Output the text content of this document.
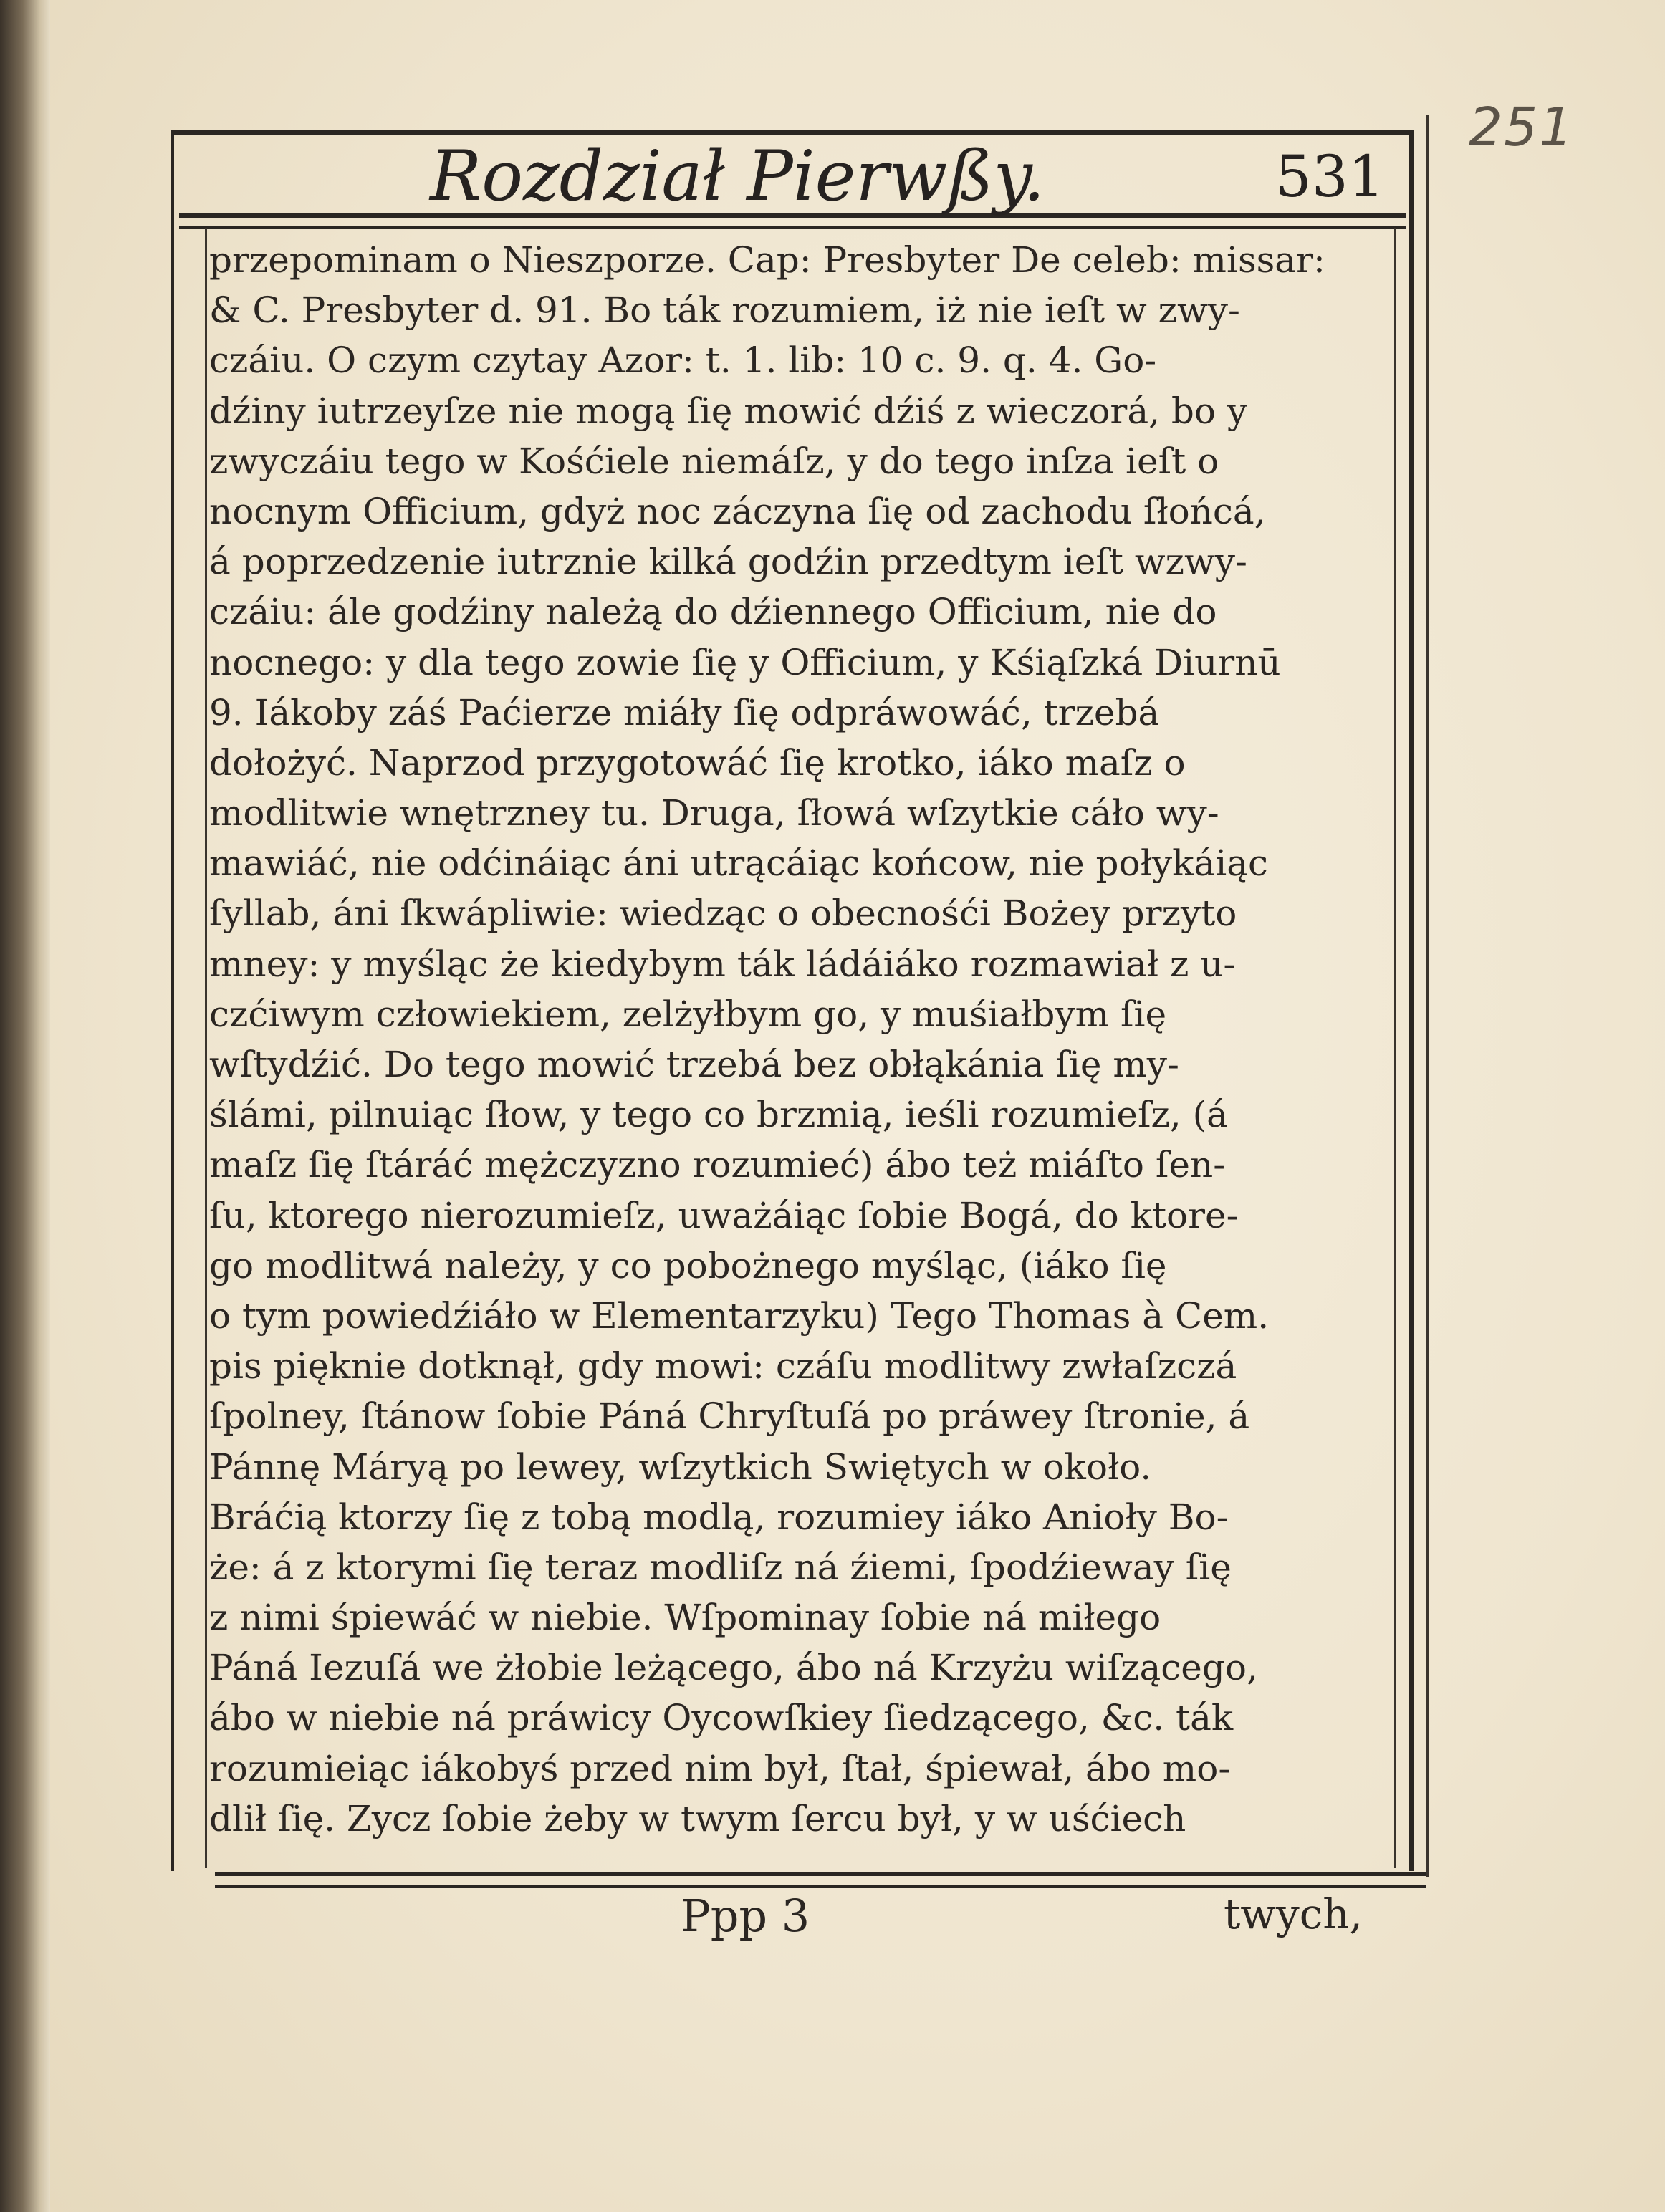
251
Rozdział Pierwßy.	531
przepominam o Nieszporze. Cap: Presbyter De celeb: missar:
& C. Presbyter d. 91. Bo ták rozumiem, iż nie ieſt w zwy-
czáiu. O czym czytay Azor: t. 1. lib: 10 c. 9. q. 4. Go-
dźiny iutrzeyſze nie mogą ſię mowić dźiś z wieczorá, bo y
zwyczáiu tego w Kośćiele niemáſz, y do tego inſza ieſt o
nocnym Officium, gdyż noc záczyna ſię od zachodu ſłońcá,
á poprzedzenie iutrznie kilká godźin przedtym ieſt wzwy-
czáiu: ále godźiny należą do dźiennego Officium, nie do
nocnego: y dla tego zowie ſię y Officium, y Kśiąſzká Diurnū
9. Iákoby záś Paćierze miáły ſię odpráwowáć, trzebá
dołożyć. Naprzod przygotowáć ſię krotko, iáko maſz o
modlitwie wnętrzney tu. Druga, ſłowá wſzytkie cáło wy-
mawiáć, nie odćináiąc áni utrącáiąc końcow, nie połykáiąc
ſyllab, áni ſkwápliwie: wiedząc o obecnośći Bożey przyto
mney: y myśląc że kiedybym ták ládáiáko rozmawiał z u-
czćiwym człowiekiem, zelżyłbym go, y muśiałbym ſię
wſtydźić. Do tego mowić trzebá bez obłąkánia ſię my-
ślámi, pilnuiąc ſłow, y tego co brzmią, ieśli rozumieſz, (á
maſz ſię ſtáráć mężczyzno rozumieć) ábo też miáſto ſen-
ſu, ktorego nierozumieſz, uważáiąc ſobie Bogá, do ktore-
go modlitwá należy, y co pobożnego myśląc, (iáko ſię
o tym powiedźiáło w Elementarzyku) Tego Thomas à Cem.
pis pięknie dotknął, gdy mowi: czáſu modlitwy zwłaſzczá
ſpolney, ſtánow ſobie Páná Chryſtuſá po práwey ſtronie, á
Pánnę Máryą po lewey, wſzytkich Swiętych w około.
Bráćią ktorzy ſię z tobą modlą, rozumiey iáko Anioły Bo-
że: á z ktorymi ſię teraz modliſz ná źiemi, ſpodźieway ſię
z nimi śpiewáć w niebie. Wſpominay ſobie ná miłego
Páná Iezuſá we żłobie leżącego, ábo ná Krzyżu wiſzącego,
ábo w niebie ná práwicy Oycowſkiey ſiedzącego, &c. ták
rozumieiąc iákobyś przed nim był, ſtał, śpiewał, ábo mo-
dlił ſię. Zycz ſobie żeby w twym ſercu był, y w uśćiech
Ppp 3	twych,
